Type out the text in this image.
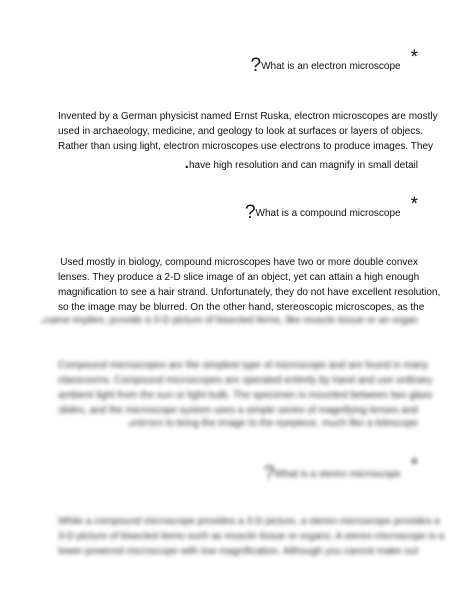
?What is an electron microscope *
Invented by a German physicist named Ernst Ruska, electron microscopes are mostly
used in archaeology, medicine, and geology to look at surfaces or layers of objecs.
Rather than using light, electron microscopes use electrons to produce images. They
.have high resolution and can magnify in small detail
?What is a compound microscope *
Used mostly in biology, compound microscopes have two or more double convex
lenses. They produce a 2-D slice image of an object, yet can attain a high enough
magnification to see a hair strand. Unfortunately, they do not have excellent resolution,
so the image may be blurred. On the other hand, stereoscopic microscopes, as the
.name implies, provide a 3-D picture of bisected items, like muscle tissue or an organ
Compound microscopes are the simplest type of microscope and are found in many
classrooms. Compound microscopes are operated entirely by hand and use ordinary
ambient light from the sun or light bulb. The specimen is mounted between two glass
slides, and the microscope system uses a simple series of magnifying lenses and
.mirrors to bring the image to the eyepiece, much like a telescope
?What is a stereo microscope *
While a compound microscope provides a 3-D picture, a stereo microscope provides a
3-D picture of bisected items such as muscle tissue or organs. A stereo microscope is a
lower-powered microscope with low magnification. Although you cannot make out
